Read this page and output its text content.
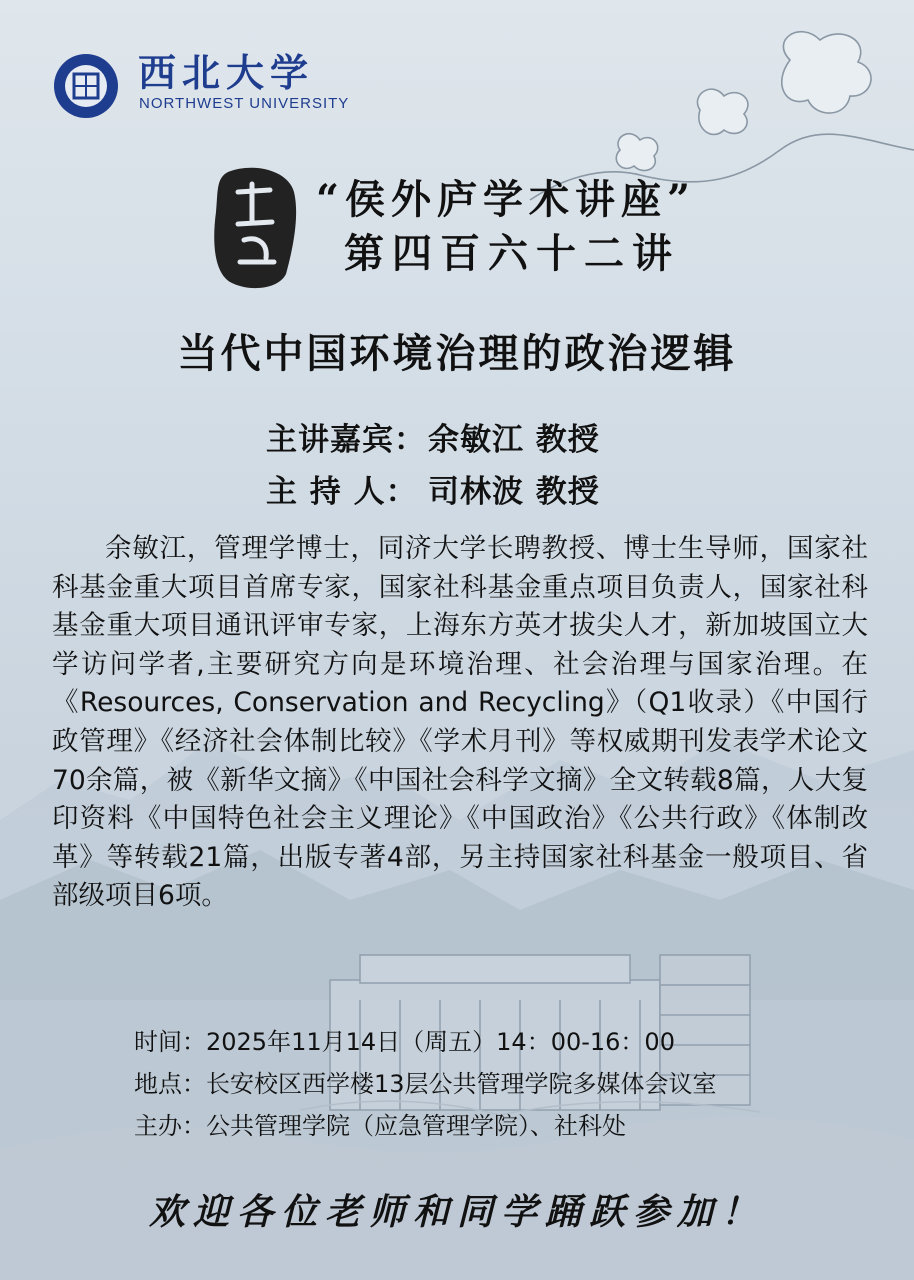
西北大学
NORTHWEST UNIVERSITY
“侯外庐学术讲座”
第四百六十二讲
当代中国环境治理的政治逻辑
主讲嘉宾：余敏江 教授
主 持 人： 司林波 教授
余敏江，管理学博士，同济大学长聘教授、博士生导师，国家社科基金重大项目首席专家，国家社科基金重点项目负责人，国家社科基金重大项目通讯评审专家，上海东方英才拔尖人才，新加坡国立大学访问学者,主要研究方向是环境治理、社会治理与国家治理。在《Resources, Conservation and Recycling》（Q1收录）《中国行政管理》《经济社会体制比较》《学术月刊》等权威期刊发表学术论文70余篇，被《新华文摘》《中国社会科学文摘》全文转载8篇，人大复印资料《中国特色社会主义理论》《中国政治》《公共行政》《体制改革》等转载21篇，出版专著4部，另主持国家社科基金一般项目、省部级项目6项。
时间：2025年11月14日（周五）14：00-16：00
地点：长安校区西学楼13层公共管理学院多媒体会议室
主办：公共管理学院（应急管理学院）、社科处
欢迎各位老师和同学踊跃参加！
